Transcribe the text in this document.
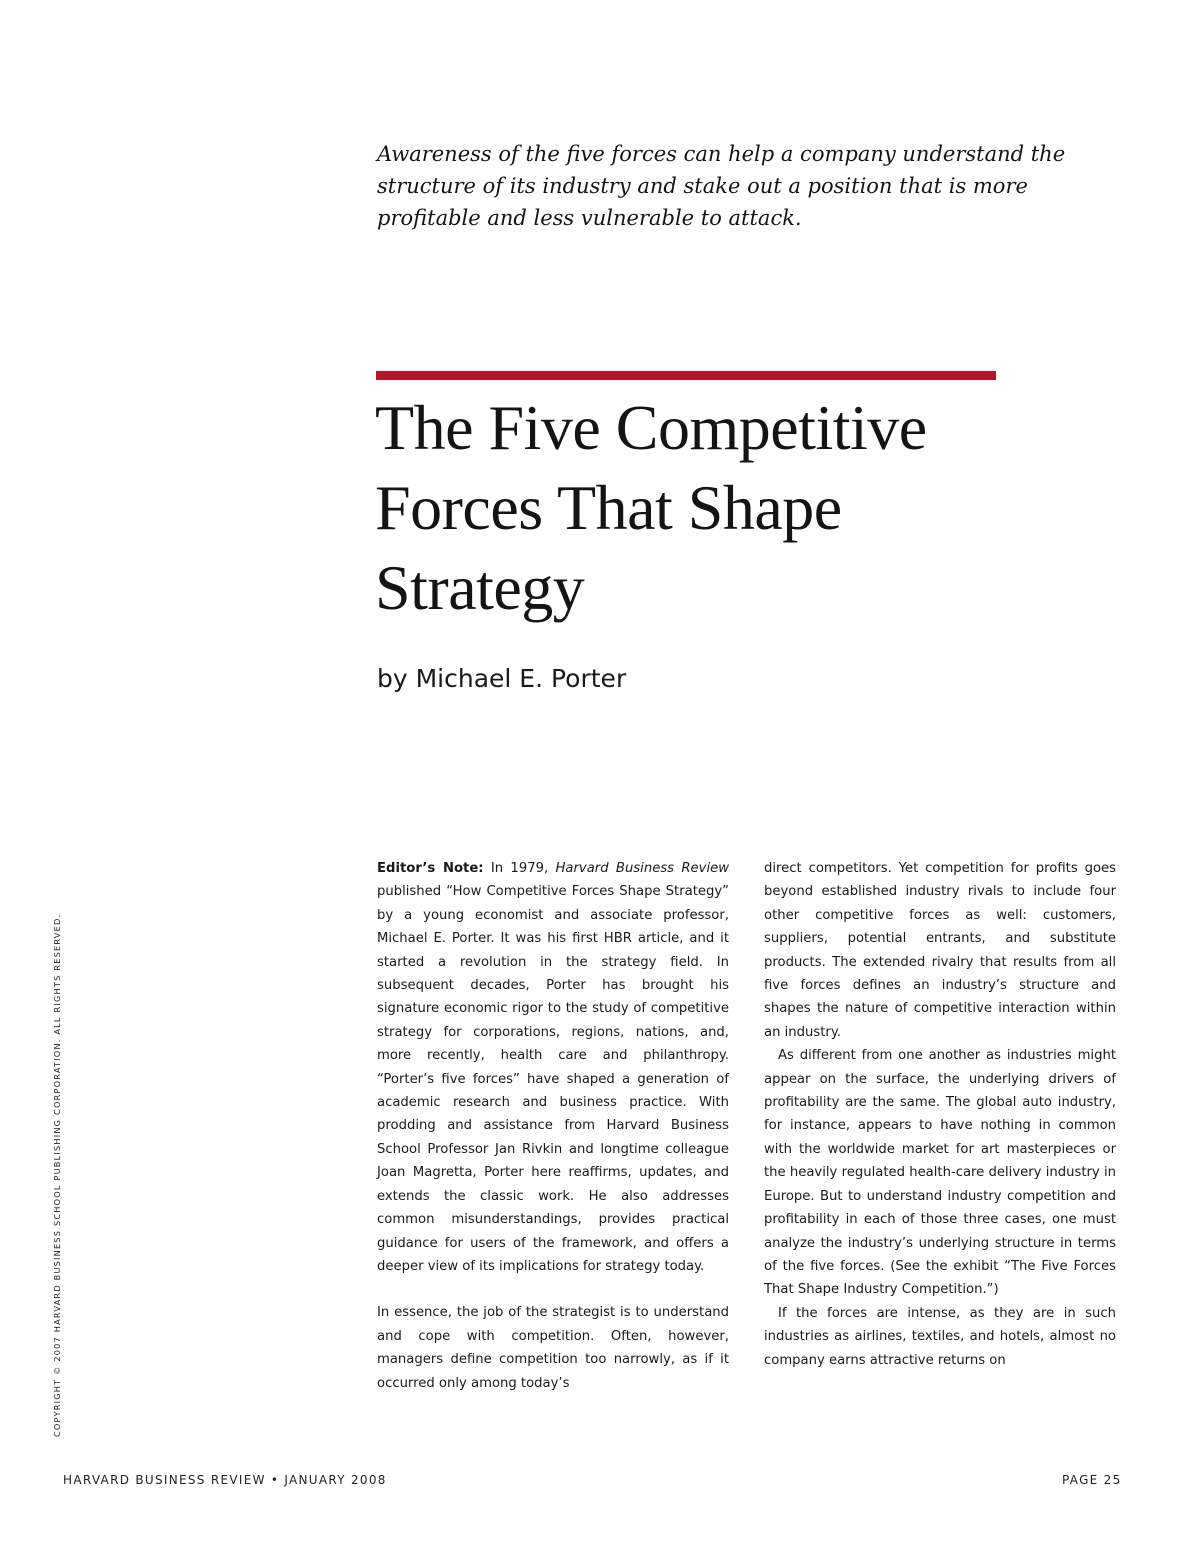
Awareness of the five forces can help a company understand the structure of its industry and stake out a position that is more profitable and less vulnerable to attack.

The Five Competitive
Forces That Shape
Strategy

by Michael E. Porter

Editor’s Note: In 1979, Harvard Business Review published “How Competitive Forces Shape Strategy” by a young economist and associate professor, Michael E. Porter. It was his first HBR article, and it started a revolution in the strategy field. In subsequent decades, Porter has brought his signature economic rigor to the study of competitive strategy for corporations, regions, nations, and, more recently, health care and philanthropy. “Porter’s five forces” have shaped a generation of academic research and business practice. With prodding and assistance from Harvard Business School Professor Jan Rivkin and longtime colleague Joan Magretta, Porter here reaffirms, updates, and extends the classic work. He also addresses common misunderstandings, provides practical guidance for users of the framework, and offers a deeper view of its implications for strategy today.

In essence, the job of the strategist is to understand and cope with competition. Often, however, managers define competition too narrowly, as if it occurred only among today’s

direct competitors. Yet competition for profits goes beyond established industry rivals to include four other competitive forces as well: customers, suppliers, potential entrants, and substitute products. The extended rivalry that results from all five forces defines an industry’s structure and shapes the nature of competitive interaction within an industry.

As different from one another as industries might appear on the surface, the underlying drivers of profitability are the same. The global auto industry, for instance, appears to have nothing in common with the worldwide market for art masterpieces or the heavily regulated health-care delivery industry in Europe. But to understand industry competition and profitability in each of those three cases, one must analyze the industry’s underlying structure in terms of the five forces. (See the exhibit “The Five Forces That Shape Industry Competition.”)

If the forces are intense, as they are in such industries as airlines, textiles, and hotels, almost no company earns attractive returns on

COPYRIGHT © 2007 HARVARD BUSINESS SCHOOL PUBLISHING CORPORATION. ALL RIGHTS RESERVED.
HARVARD BUSINESS REVIEW • JANUARY 2008	PAGE 25
